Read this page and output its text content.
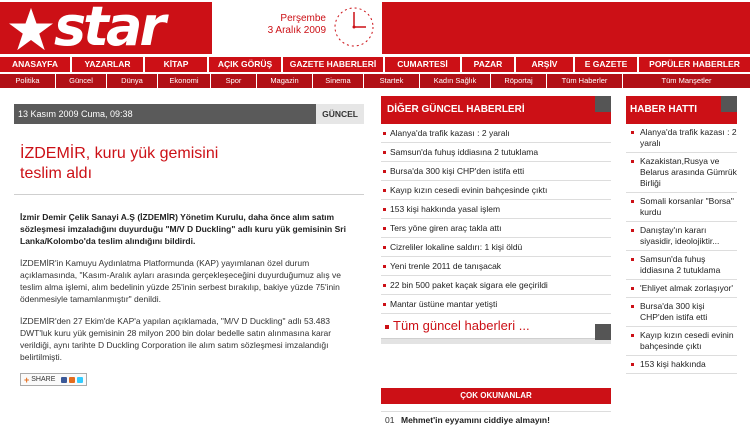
star	Perşembe
3 Aralık 2009
ANASAYFA	YAZARLAR	KİTAP	AÇIK GÖRÜŞ	GAZETE HABERLERİ	CUMARTESİ	PAZAR	ARŞİV	E GAZETE	POPÜLER HABERLER
Politika	Güncel	Dünya	Ekonomi	Spor	Magazin	Sinema	Startek	Kadın Sağlık	Röportaj	Tüm Haberler	Tüm Manşetler
13 Kasım 2009 Cuma, 09:38	GÜNCEL
İZDEMİR, kuru yük gemisini
teslim aldı

İzmir Demir Çelik Sanayi A.Ş (İZDEMİR) Yönetim Kurulu, daha önce alım satım sözleşmesi imzaladığını duyurduğu "M/V D Duckling" adlı kuru yük gemisinin Sri Lanka/Kolombo'da teslim alındığını bildirdi.

İZDEMİR'in Kamuyu Aydınlatma Platformunda (KAP) yayımlanan özel durum açıklamasında, "Kasım-Aralık ayları arasında gerçekleşeceğini duyurduğumuz alış ve teslim alma işlemi, alım bedelinin yüzde 25'inin serbest bırakılıp, bakiye yüzde 75'inin ödenmesiyle tamamlanmıştır" denildi.

İZDEMİR'den 27 Ekim'de KAP'a yapılan açıklamada, "M/V D Duckling" adlı 53.483 DWT'luk kuru yük gemisinin 28 milyon 200 bin dolar bedelle satın alınmasına karar verildiği, aynı tarihte D Duckling Corporation ile alım satım sözleşmesi imzalandığı belirtilmişti.

+ SHARE
DİĞER GÜNCEL HABERLERİ
Alanya'da trafik kazası : 2 yaralı
Samsun'da fuhuş iddiasına 2 tutuklama
Bursa'da 300 kişi CHP'den istifa etti
Kayıp kızın cesedi evinin bahçesinde çıktı
153 kişi hakkında yasal işlem
Ters yöne giren araç takla attı
Cizreliler lokaline saldırı: 1 kişi öldü
Yeni trenle 2011 de tanışacak
22 bin 500 paket kaçak sigara ele geçirildi
Mantar üstüne mantar yetişti
Tüm güncel haberleri ...
ÇOK OKUNANLAR
01 Mehmet'in eyyamını ciddiye almayın!
HABER HATTI
Alanya'da trafik kazası : 2 yaralı
Kazakistan,Rusya ve Belarus arasında Gümrük Birliği
Somali korsanlar "Borsa" kurdu
Danıştay'ın kararı siyasidir, ideolojiktir...
Samsun'da fuhuş iddiasına 2 tutuklama
'Ehliyet almak zorlaşıyor'
Bursa'da 300 kişi CHP'den istifa etti
Kayıp kızın cesedi evinin bahçesinde çıktı
153 kişi hakkında
